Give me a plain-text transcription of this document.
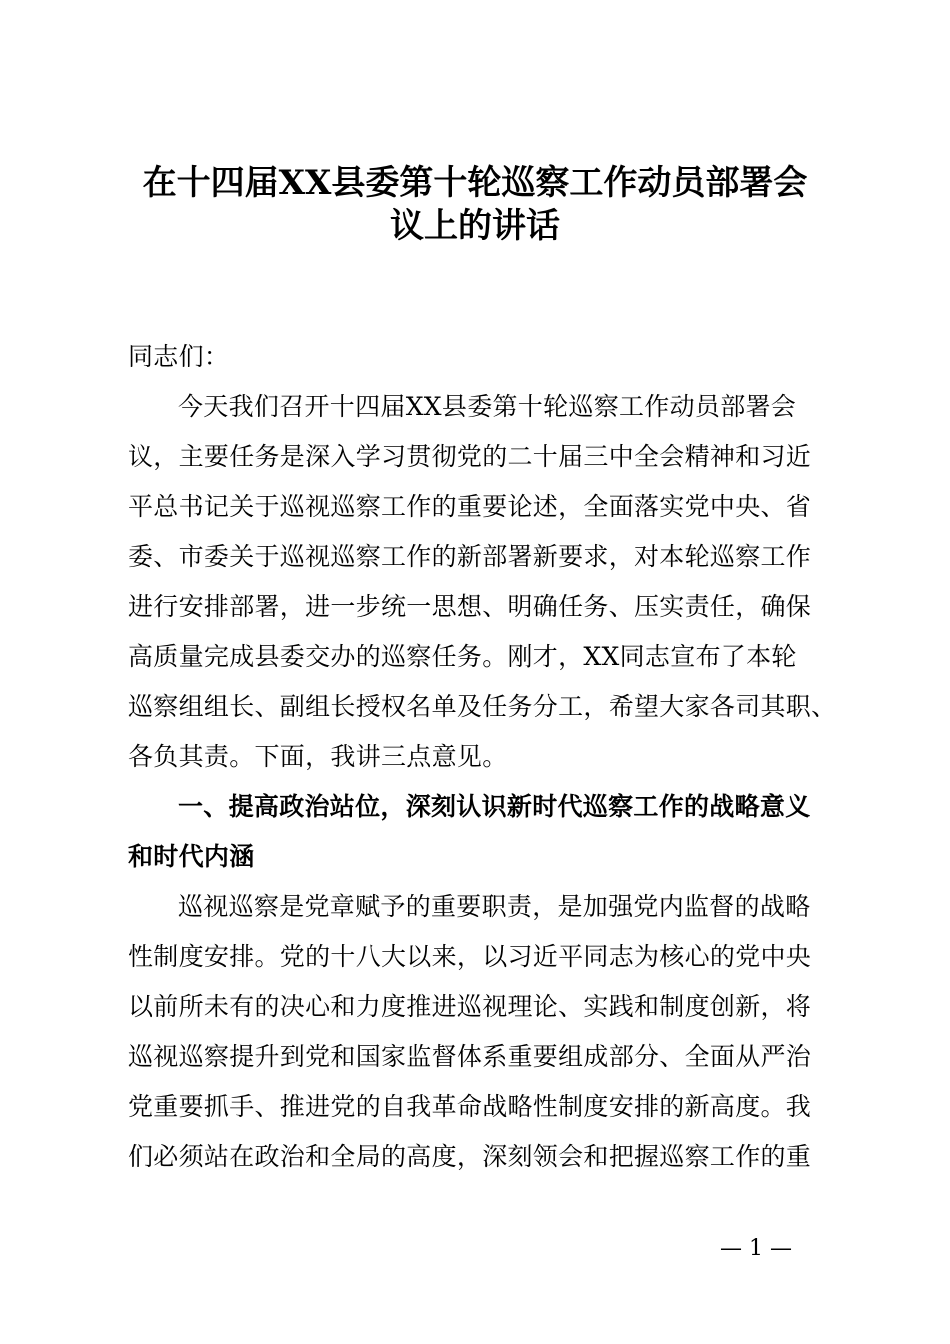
在十四届XX县委第十轮巡察工作动员部署会
议上的讲话
同志们：
今天我们召开十四届XX县委第十轮巡察工作动员部署会
议，主要任务是深入学习贯彻党的二十届三中全会精神和习近
平总书记关于巡视巡察工作的重要论述，全面落实党中央、省
委、市委关于巡视巡察工作的新部署新要求，对本轮巡察工作
进行安排部署，进一步统一思想、明确任务、压实责任，确保
高质量完成县委交办的巡察任务。刚才，XX同志宣布了本轮
巡察组组长、副组长授权名单及任务分工，希望大家各司其职、
各负其责。下面，我讲三点意见。
一、提高政治站位，深刻认识新时代巡察工作的战略意义
和时代内涵
巡视巡察是党章赋予的重要职责，是加强党内监督的战略
性制度安排。党的十八大以来，以习近平同志为核心的党中央
以前所未有的决心和力度推进巡视理论、实践和制度创新，将
巡视巡察提升到党和国家监督体系重要组成部分、全面从严治
党重要抓手、推进党的自我革命战略性制度安排的新高度。我
们必须站在政治和全局的高度，深刻领会和把握巡察工作的重
— 1 —
